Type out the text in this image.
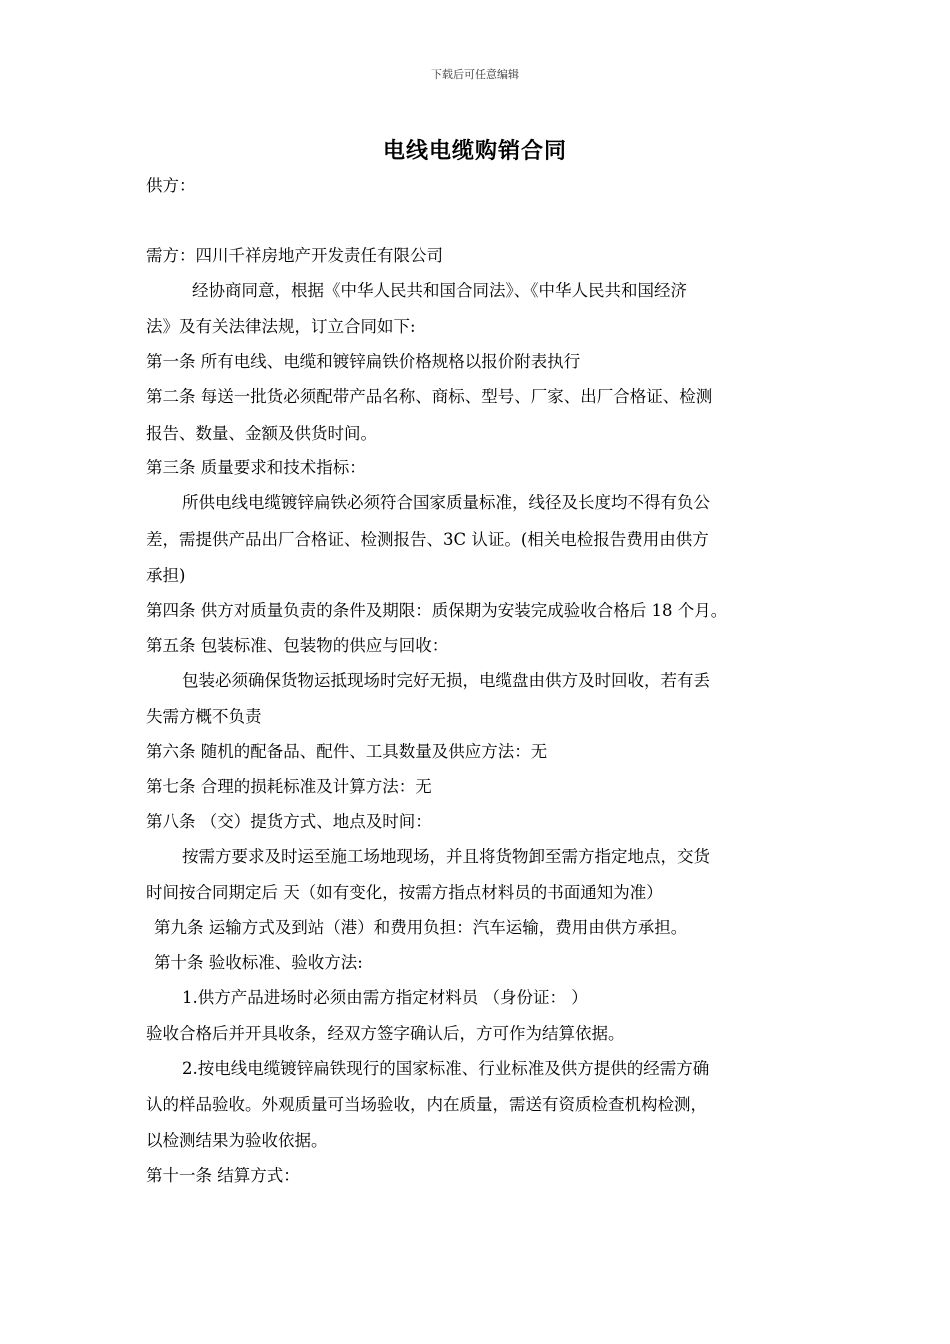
下载后可任意编辑
电线电缆购销合同
供方：
需方：四川千祥房地产开发责任有限公司
经协商同意，根据《中华人民共和国合同法》、《中华人民共和国经济
法》及有关法律法规，订立合同如下:
第一条 所有电线、电缆和镀锌扁铁价格规格以报价附表执行
第二条 每送一批货必须配带产品名称、商标、型号、厂家、出厂合格证、检测
报告、数量、金额及供货时间。
第三条 质量要求和技术指标：
所供电线电缆镀锌扁铁必须符合国家质量标准，线径及长度均不得有负公
差，需提供产品出厂合格证、检测报告、3C 认证。(相关电检报告费用由供方
承担)
第四条 供方对质量负责的条件及期限：质保期为安装完成验收合格后 18 个月。
第五条 包装标准、包装物的供应与回收：
包装必须确保货物运抵现场时完好无损，电缆盘由供方及时回收，若有丢
失需方概不负责
第六条 随机的配备品、配件、工具数量及供应方法：无
第七条 合理的损耗标准及计算方法：无
第八条 （交）提货方式、地点及时间：
按需方要求及时运至施工场地现场，并且将货物卸至需方指定地点，交货
时间按合同期定后 天（如有变化，按需方指点材料员的书面通知为准）
第九条 运输方式及到站（港）和费用负担：汽车运输，费用由供方承担。
第十条 验收标准、验收方法:
1.供方产品进场时必须由需方指定材料员 （身份证： ）
验收合格后并开具收条，经双方签字确认后，方可作为结算依据。
2.按电线电缆镀锌扁铁现行的国家标准、行业标准及供方提供的经需方确
认的样品验收。外观质量可当场验收，内在质量，需送有资质检查机构检测，
以检测结果为验收依据。
第十一条 结算方式：
